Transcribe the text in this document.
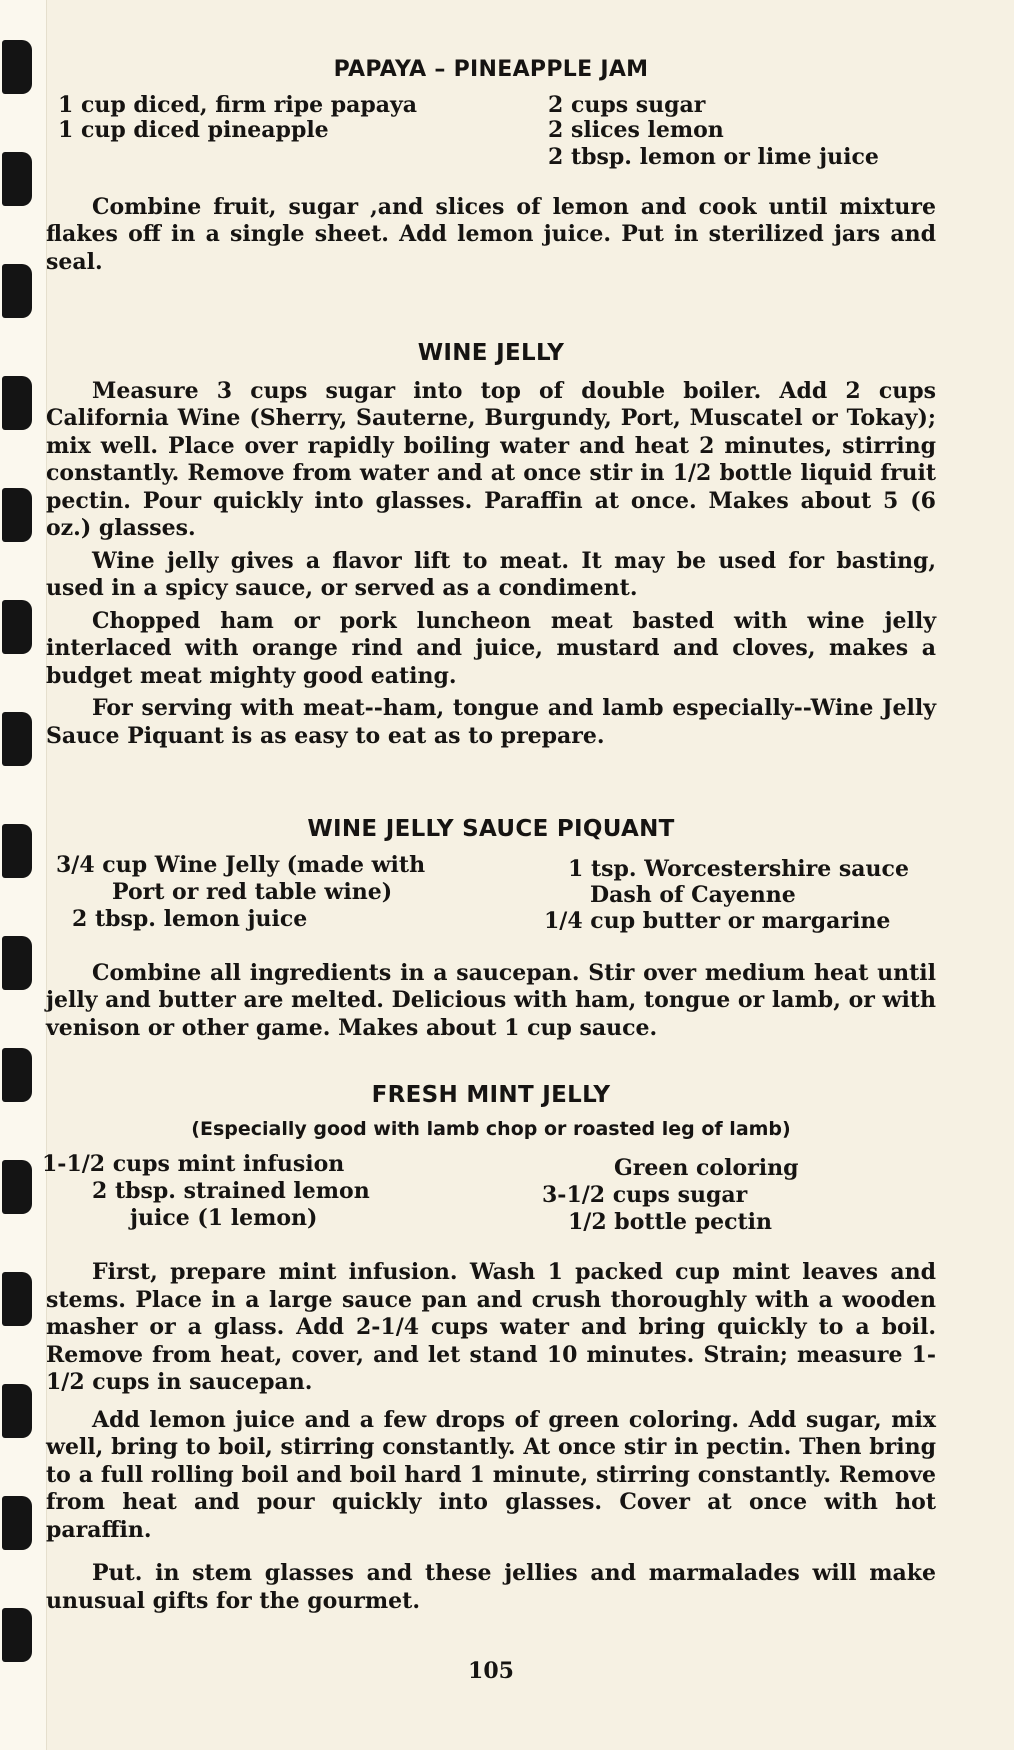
PAPAYA – PINEAPPLE JAM
1 cup diced, firm ripe papaya
1 cup diced pineapple
2 cups sugar
2 slices lemon
2 tbsp. lemon or lime juice

Combine fruit, sugar ,and slices of lemon and cook until mixture flakes off in a single sheet. Add lemon juice. Put in sterilized jars and seal.

WINE JELLY

Measure 3 cups sugar into top of double boiler. Add 2 cups California Wine (Sherry, Sauterne, Burgundy, Port, Muscatel or Tokay); mix well. Place over rapidly boiling water and heat 2 minutes, stirring constantly. Remove from water and at once stir in 1/2 bottle liquid fruit pectin. Pour quickly into glasses. Paraffin at once. Makes about 5 (6 oz.) glasses.

Wine jelly gives a flavor lift to meat. It may be used for basting, used in a spicy sauce, or served as a condiment.

Chopped ham or pork luncheon meat basted with wine jelly interlaced with orange rind and juice, mustard and cloves, makes a budget meat mighty good eating.

For serving with meat--ham, tongue and lamb especially--Wine Jelly Sauce Piquant is as easy to eat as to prepare.

WINE JELLY SAUCE PIQUANT
3/4 cup Wine Jelly (made with
Port or red table wine)
2 tbsp. lemon juice
1 tsp. Worcestershire sauce
Dash of Cayenne
1/4 cup butter or margarine

Combine all ingredients in a saucepan. Stir over medium heat until jelly and butter are melted. Delicious with ham, tongue or lamb, or with venison or other game. Makes about 1 cup sauce.

FRESH MINT JELLY
(Especially good with lamb chop or roasted leg of lamb)
1-1/2 cups mint infusion
2 tbsp. strained lemon
juice (1 lemon)
Green coloring
3-1/2 cups sugar
1/2 bottle pectin

First, prepare mint infusion. Wash 1 packed cup mint leaves and stems. Place in a large sauce pan and crush thoroughly with a wooden masher or a glass. Add 2-1/4 cups water and bring quickly to a boil. Remove from heat, cover, and let stand 10 minutes. Strain; measure 1-1/2 cups in saucepan.

Add lemon juice and a few drops of green coloring. Add sugar, mix well, bring to boil, stirring constantly. At once stir in pectin. Then bring to a full rolling boil and boil hard 1 minute, stirring constantly. Remove from heat and pour quickly into glasses. Cover at once with hot paraffin.

Put. in stem glasses and these jellies and marmalades will make unusual gifts for the gourmet.

105
